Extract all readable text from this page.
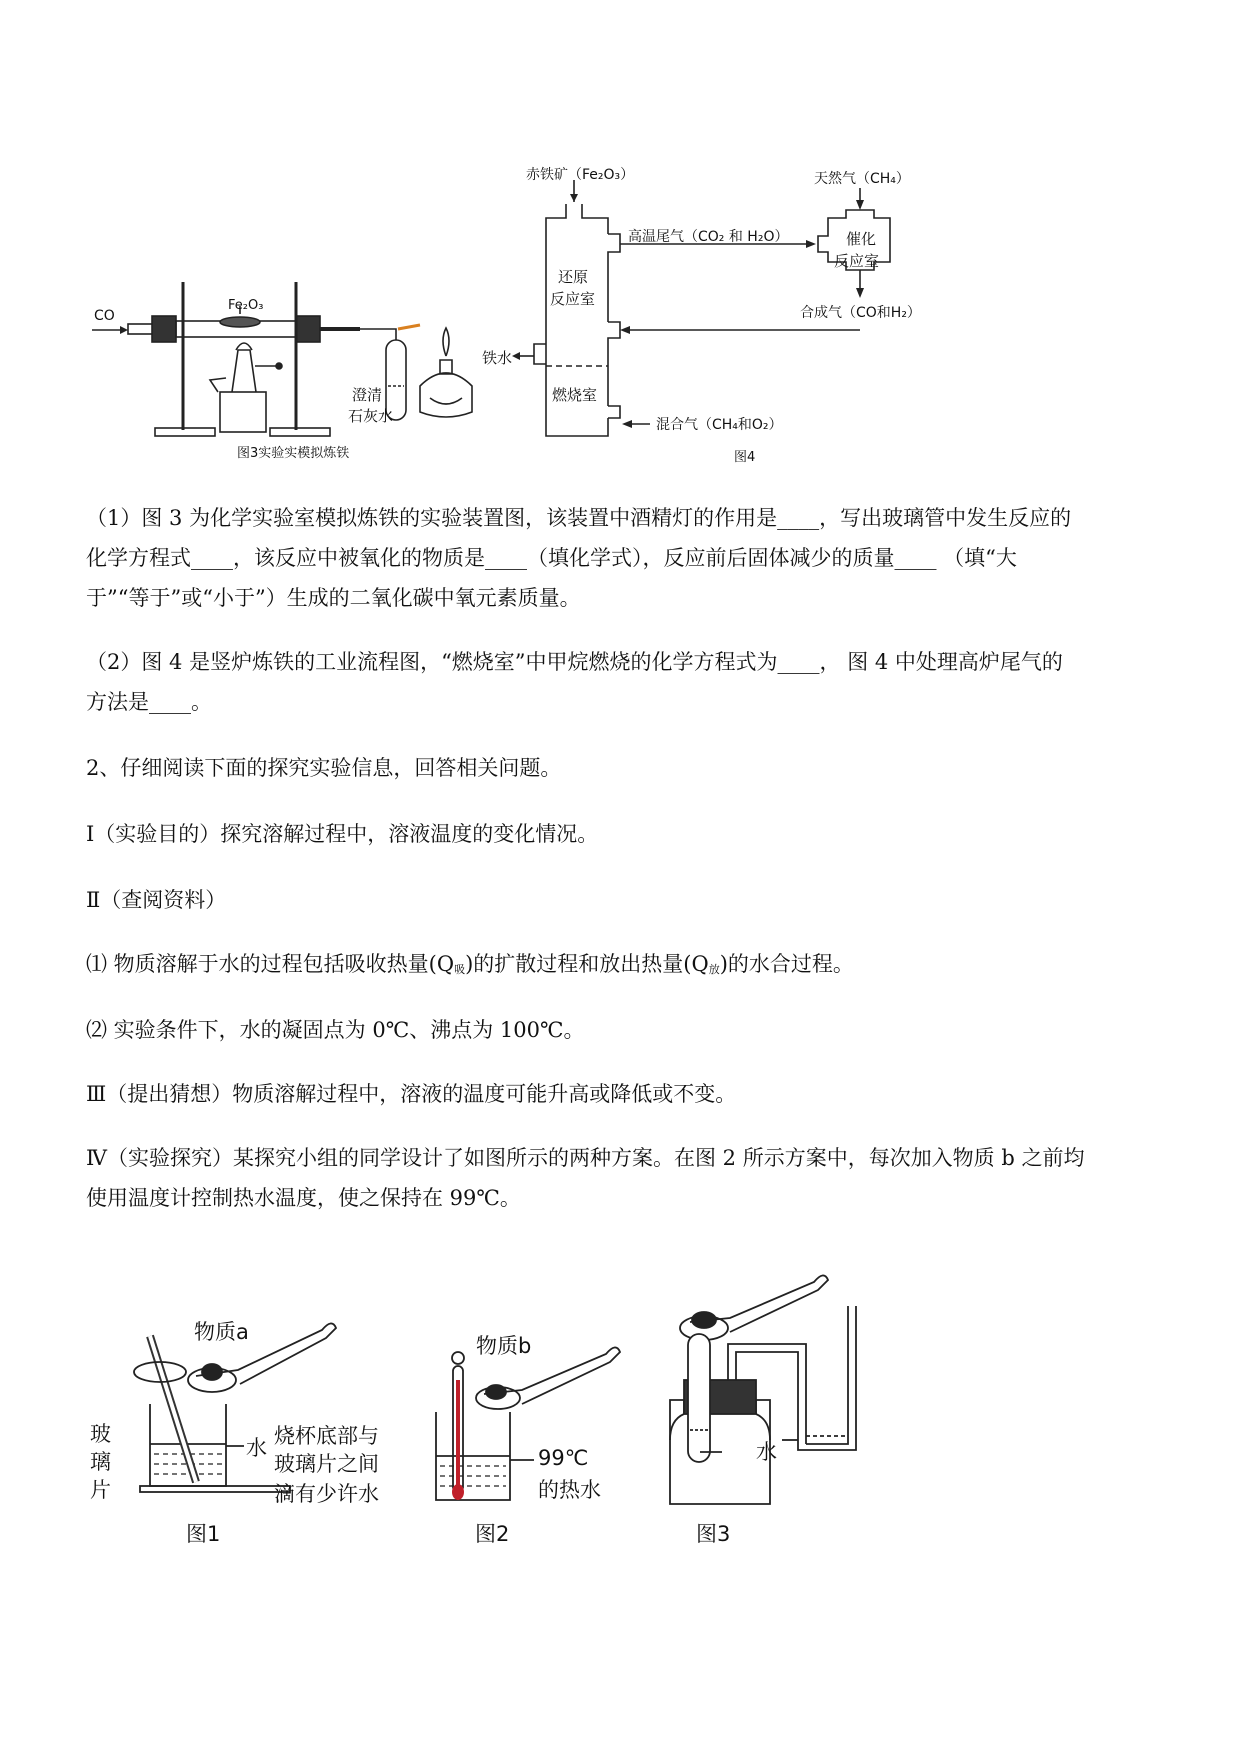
CO
Fe₂O₃
澄清
石灰水
图3实验实模拟炼铁
赤铁矿（Fe₂O₃）	天然气（CH₄）
高温尾气（CO₂ 和 H₂O）
还原
反应室
催化
反应室
合成气（CO和H₂）
铁水
燃烧室
混合气（CH₄和O₂）
图4
（1）图 3 为化学实验室模拟炼铁的实验装置图，该装置中酒精灯的作用是____，写出玻璃管中发生反应的
化学方程式____，该反应中被氧化的物质是____（填化学式），反应前后固体减少的质量____ （填“大
于”“等于”或“小于”）生成的二氧化碳中氧元素质量。
（2）图 4 是竖炉炼铁的工业流程图，“燃烧室”中甲烷燃烧的化学方程式为____， 图 4 中处理高炉尾气的
方法是____。
2、仔细阅读下面的探究实验信息，回答相关问题。
Ⅰ（实验目的）探究溶解过程中，溶液温度的变化情况。
Ⅱ（查阅资料）
⑴ 物质溶解于水的过程包括吸收热量(Q吸)的扩散过程和放出热量(Q放)的水合过程。
⑵ 实验条件下，水的凝固点为 0℃、沸点为 100℃。
Ⅲ（提出猜想）物质溶解过程中，溶液的温度可能升高或降低或不变。
Ⅳ（实验探究）某探究小组的同学设计了如图所示的两种方案。在图 2 所示方案中，每次加入物质 b 之前均
使用温度计控制热水温度，使之保持在 99℃。
物质a
玻
璃
片
水 烧杯底部与
玻璃片之间
滴有少许水
图1
物质b
99℃
的热水
图2
水
图3
